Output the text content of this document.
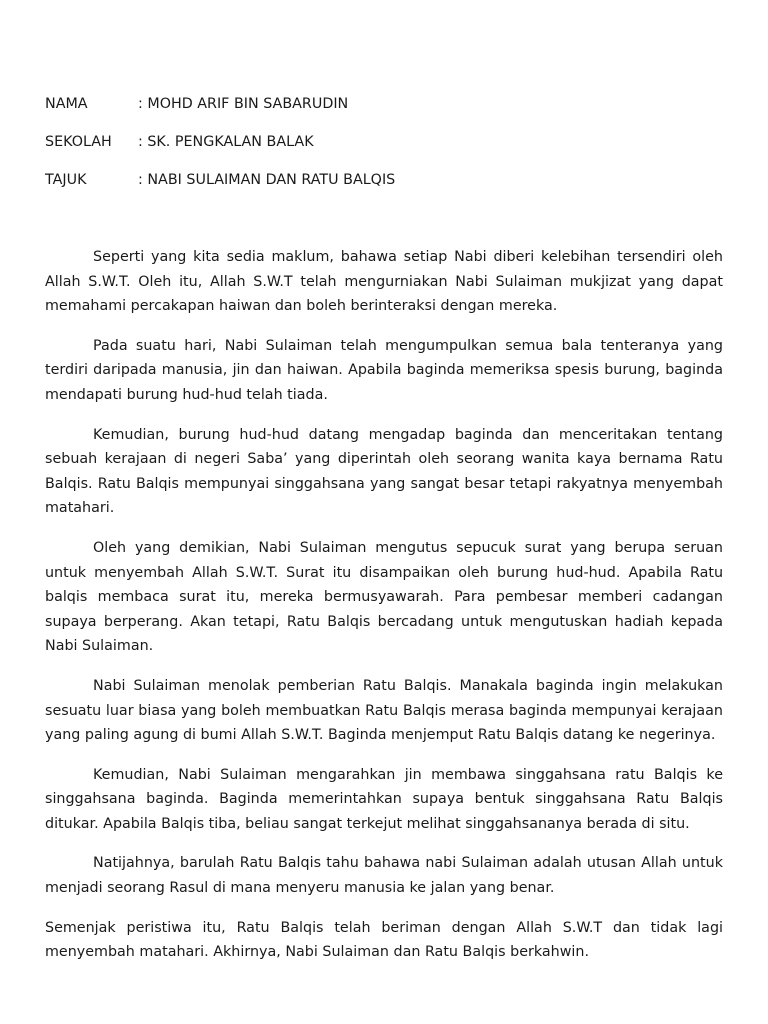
NAMA	: MOHD ARIF BIN SABARUDIN
SEKOLAH	: SK. PENGKALAN BALAK
TAJUK	: NABI SULAIMAN DAN RATU BALQIS

Seperti yang kita sedia maklum, bahawa setiap Nabi diberi kelebihan tersendiri oleh Allah S.W.T. Oleh itu, Allah S.W.T telah mengurniakan Nabi Sulaiman mukjizat yang dapat memahami percakapan haiwan dan boleh berinteraksi dengan mereka.

Pada suatu hari, Nabi Sulaiman telah mengumpulkan semua bala tenteranya yang terdiri daripada manusia, jin dan haiwan. Apabila baginda memeriksa spesis burung, baginda mendapati burung hud-hud telah tiada.

Kemudian, burung hud-hud datang mengadap baginda dan menceritakan tentang sebuah kerajaan di negeri Saba’ yang diperintah oleh seorang wanita kaya bernama Ratu Balqis. Ratu Balqis mempunyai singgahsana yang sangat besar tetapi rakyatnya menyembah matahari.

Oleh yang demikian, Nabi Sulaiman mengutus sepucuk surat yang berupa seruan untuk menyembah Allah S.W.T. Surat itu disampaikan oleh burung hud-hud. Apabila Ratu balqis membaca surat itu, mereka bermusyawarah. Para pembesar memberi cadangan supaya berperang. Akan tetapi, Ratu Balqis bercadang untuk mengutuskan hadiah kepada Nabi Sulaiman.

Nabi Sulaiman menolak pemberian Ratu Balqis. Manakala baginda ingin melakukan sesuatu luar biasa yang boleh membuatkan Ratu Balqis merasa baginda mempunyai kerajaan yang paling agung di bumi Allah S.W.T. Baginda menjemput Ratu Balqis datang ke negerinya.

Kemudian, Nabi Sulaiman mengarahkan jin membawa singgahsana ratu Balqis ke singgahsana baginda. Baginda memerintahkan supaya bentuk singgahsana Ratu Balqis ditukar. Apabila Balqis tiba, beliau sangat terkejut melihat singgahsananya berada di situ.

Natijahnya, barulah Ratu Balqis tahu bahawa nabi Sulaiman adalah utusan Allah untuk menjadi seorang Rasul di mana menyeru manusia ke jalan yang benar.

Semenjak peristiwa itu, Ratu Balqis telah beriman dengan Allah S.W.T dan tidak lagi menyembah matahari. Akhirnya, Nabi Sulaiman dan Ratu Balqis berkahwin.
